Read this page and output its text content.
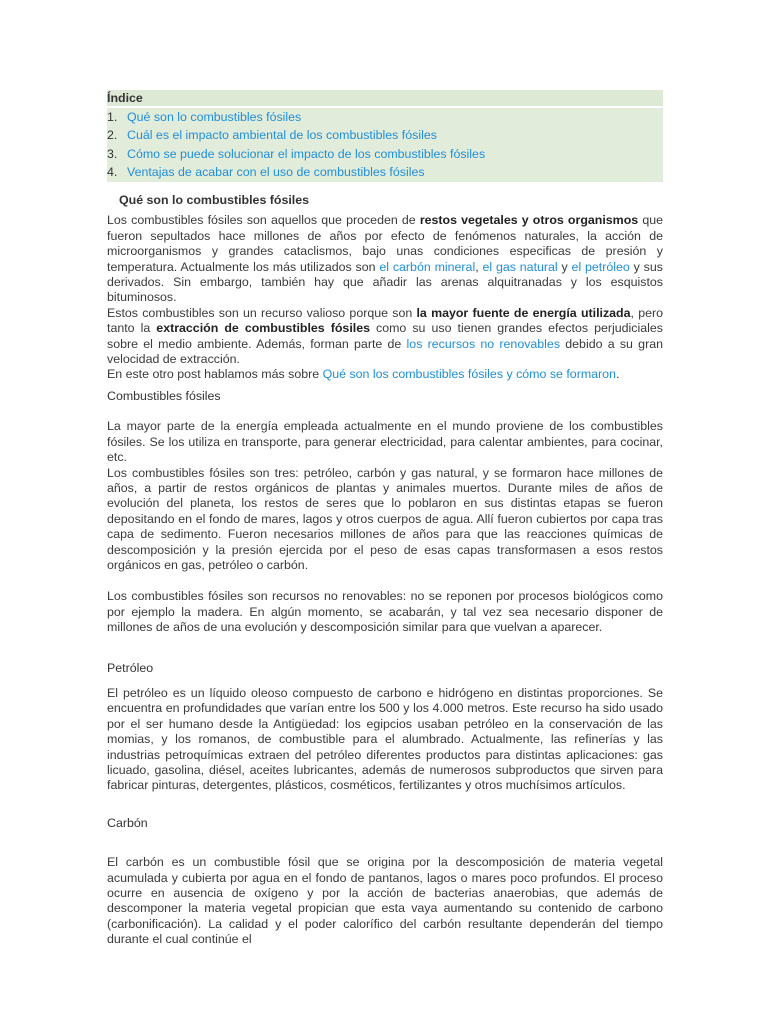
Índice
1. Qué son lo combustibles fósiles
2. Cuál es el impacto ambiental de los combustibles fósiles
3. Cómo se puede solucionar el impacto de los combustibles fósiles
4. Ventajas de acabar con el uso de combustibles fósiles
Qué son lo combustibles fósiles

Los combustibles fósiles son aquellos que proceden de restos vegetales y otros organismos que fueron sepultados hace millones de años por efecto de fenómenos naturales, la acción de microorganismos y grandes cataclismos, bajo unas condiciones especificas de presión y temperatura. Actualmente los más utilizados son el carbón mineral, el gas natural y el petróleo y sus derivados. Sin embargo, también hay que añadir las arenas alquitranadas y los esquistos bituminosos.

Estos combustibles son un recurso valioso porque son la mayor fuente de energía utilizada, pero tanto la extracción de combustibles fósiles como su uso tienen grandes efectos perjudiciales sobre el medio ambiente. Además, forman parte de los recursos no renovables debido a su gran velocidad de extracción.

En este otro post hablamos más sobre Qué son los combustibles fósiles y cómo se formaron.

Combustibles fósiles

La mayor parte de la energía empleada actualmente en el mundo proviene de los combustibles fósiles. Se los utiliza en transporte, para generar electricidad, para calentar ambientes, para cocinar, etc.

Los combustibles fósiles son tres: petróleo, carbón y gas natural, y se formaron hace millones de años, a partir de restos orgánicos de plantas y animales muertos. Durante miles de años de evolución del planeta, los restos de seres que lo poblaron en sus distintas etapas se fueron depositando en el fondo de mares, lagos y otros cuerpos de agua. Allí fueron cubiertos por capa tras capa de sedimento. Fueron necesarios millones de años para que las reacciones químicas de descomposición y la presión ejercida por el peso de esas capas transformasen a esos restos orgánicos en gas, petróleo o carbón.

Los combustibles fósiles son recursos no renovables: no se reponen por procesos biológicos como por ejemplo la madera. En algún momento, se acabarán, y tal vez sea necesario disponer de millones de años de una evolución y descomposición similar para que vuelvan a aparecer.

Petróleo

El petróleo es un líquido oleoso compuesto de carbono e hidrógeno en distintas proporciones. Se encuentra en profundidades que varían entre los 500 y los 4.000 metros. Este recurso ha sido usado por el ser humano desde la Antigüedad: los egipcios usaban petróleo en la conservación de las momias, y los romanos, de combustible para el alumbrado. Actualmente, las refinerías y las industrias petroquímicas extraen del petróleo diferentes productos para distintas aplicaciones: gas licuado, gasolina, diésel, aceites lubricantes, además de numerosos subproductos que sirven para fabricar pinturas, detergentes, plásticos, cosméticos, fertilizantes y otros muchísimos artículos.

Carbón

El carbón es un combustible fósil que se origina por la descomposición de materia vegetal acumulada y cubierta por agua en el fondo de pantanos, lagos o mares poco profundos. El proceso ocurre en ausencia de oxígeno y por la acción de bacterias anaerobias, que además de descomponer la materia vegetal propician que esta vaya aumentando su contenido de carbono (carbonificación). La calidad y el poder calorífico del carbón resultante dependerán del tiempo durante el cual continúe el
